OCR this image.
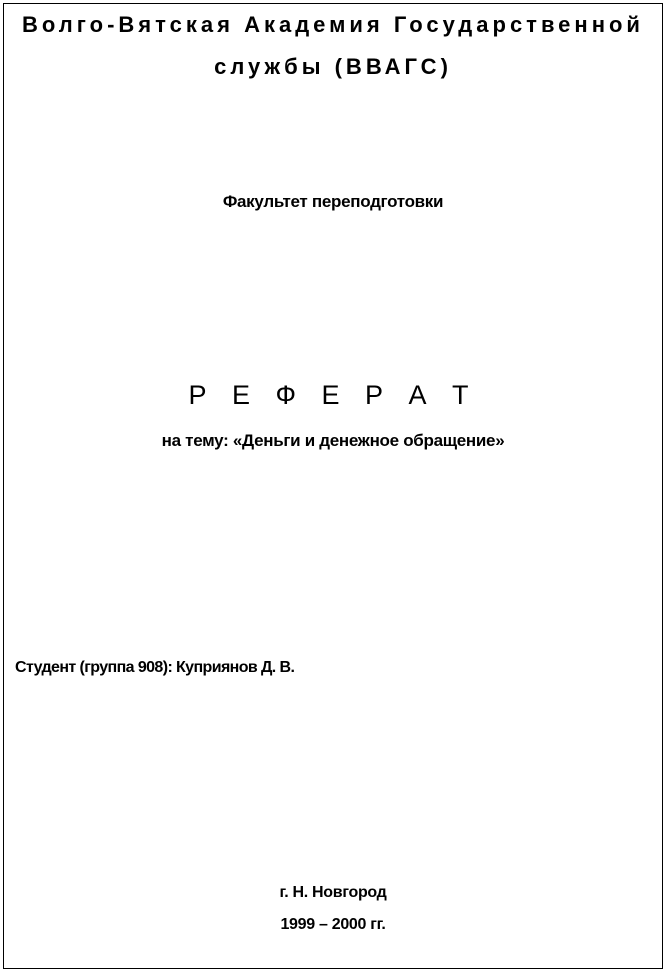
Волго-Вятская Академия Государственной
службы (ВВАГС)
Факультет переподготовки
Р Е Ф Е Р А Т
на тему: «Деньги и денежное обращение»
Студент (группа 908): Куприянов Д. В.
г. Н. Новгород
1999 – 2000 гг.
